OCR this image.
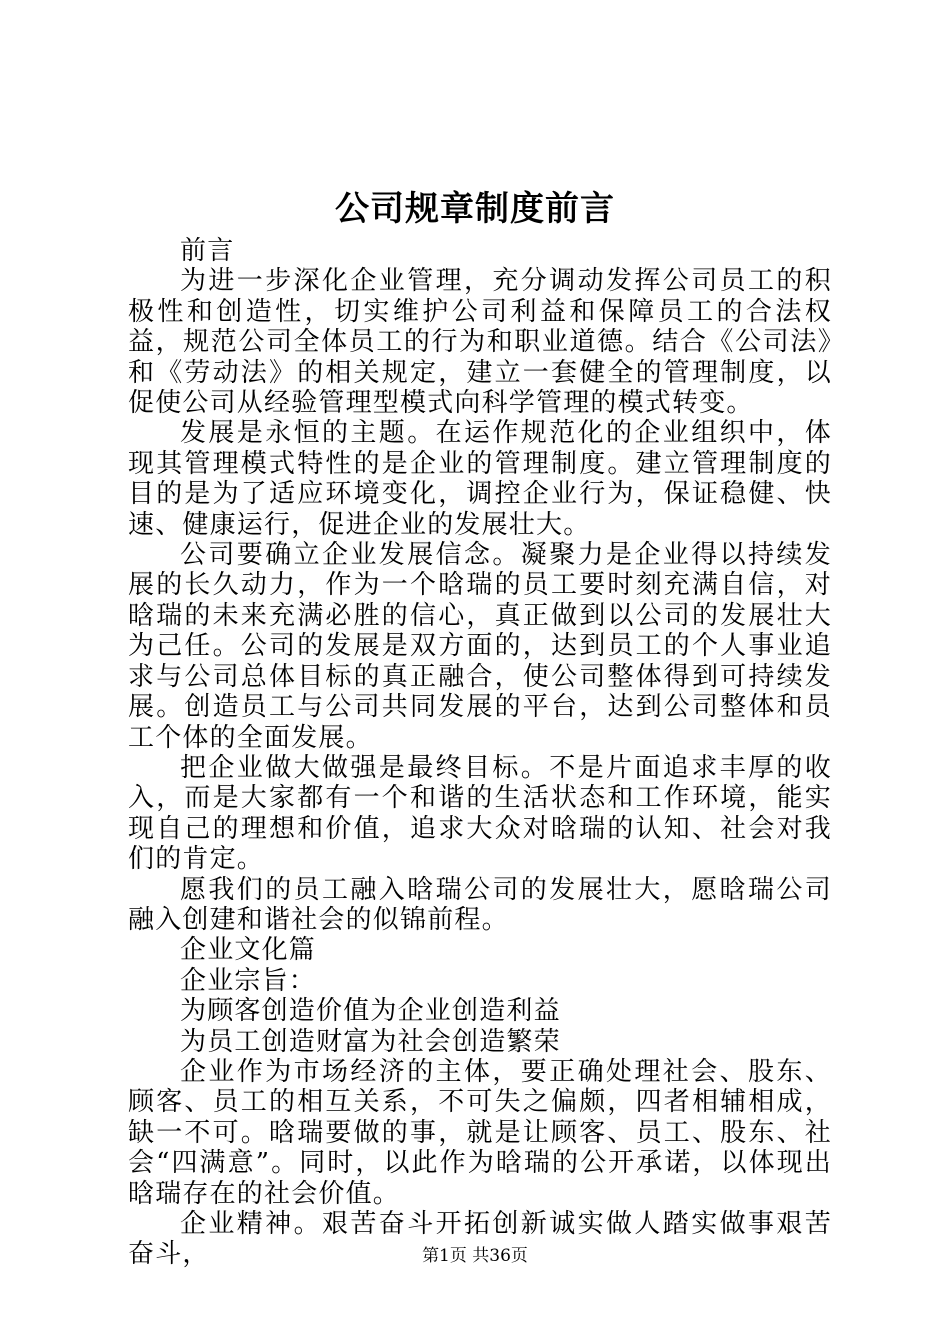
公司规章制度前言

前言

为进一步深化企业管理，充分调动发挥公司员工的积极性和创造性，切实维护公司利益和保障员工的合法权益，规范公司全体员工的行为和职业道德。结合《公司法》和《劳动法》的相关规定，建立一套健全的管理制度，以促使公司从经验管理型模式向科学管理的模式转变。

发展是永恒的主题。在运作规范化的企业组织中，体现其管理模式特性的是企业的管理制度。建立管理制度的目的是为了适应环境变化，调控企业行为，保证稳健、快速、健康运行，促进企业的发展壮大。

公司要确立企业发展信念。凝聚力是企业得以持续发展的长久动力，作为一个晗瑞的员工要时刻充满自信，对晗瑞的未来充满必胜的信心，真正做到以公司的发展壮大为己任。公司的发展是双方面的，达到员工的个人事业追求与公司总体目标的真正融合，使公司整体得到可持续发展。创造员工与公司共同发展的平台，达到公司整体和员工个体的全面发展。

把企业做大做强是最终目标。不是片面追求丰厚的收入，而是大家都有一个和谐的生活状态和工作环境，能实现自己的理想和价值，追求大众对晗瑞的认知、社会对我们的肯定。

愿我们的员工融入晗瑞公司的发展壮大，愿晗瑞公司融入创建和谐社会的似锦前程。

企业文化篇

企业宗旨：

为顾客创造价值为企业创造利益

为员工创造财富为社会创造繁荣

企业作为市场经济的主体，要正确处理社会、股东、顾客、员工的相互关系，不可失之偏颇，四者相辅相成，缺一不可。晗瑞要做的事，就是让顾客、员工、股东、社会“四满意”。同时，以此作为晗瑞的公开承诺，以体现出晗瑞存在的社会价值。

企业精神。艰苦奋斗开拓创新诚实做人踏实做事艰苦奋斗，	第1页 共36页
